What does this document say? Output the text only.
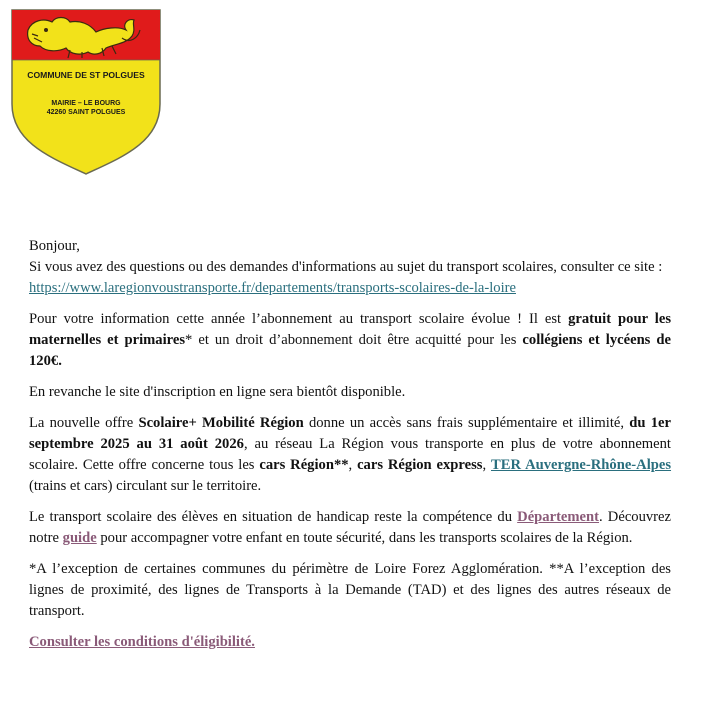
COMMUNE DE ST POLGUES
MAIRIE – LE BOURG
42260 SAINT POLGUES

Bonjour,
Si vous avez des questions ou des demandes d'informations au sujet du transport scolaires, consulter ce site :
https://www.laregionvoustransporte.fr/departements/transports-scolaires-de-la-loire

Pour votre information cette année l’abonnement au transport scolaire évolue ! Il est gratuit pour les maternelles et primaires* et un droit d’abonnement doit être acquitté pour les collégiens et lycéens de 120€.

En revanche le site d'inscription en ligne sera bientôt disponible.

La nouvelle offre Scolaire+ Mobilité Région donne un accès sans frais supplémentaire et illimité, du 1er septembre 2025 au 31 août 2026, au réseau La Région vous transporte en plus de votre abonnement scolaire. Cette offre concerne tous les cars Région**, cars Région express, TER Auvergne-Rhône-Alpes (trains et cars) circulant sur le territoire.

Le transport scolaire des élèves en situation de handicap reste la compétence du Département. Découvrez notre guide pour accompagner votre enfant en toute sécurité, dans les transports scolaires de la Région.

*A l’exception de certaines communes du périmètre de Loire Forez Agglomération. **A l’exception des lignes de proximité, des lignes de Transports à la Demande (TAD) et des lignes des autres réseaux de transport.

Consulter les conditions d'éligibilité.
